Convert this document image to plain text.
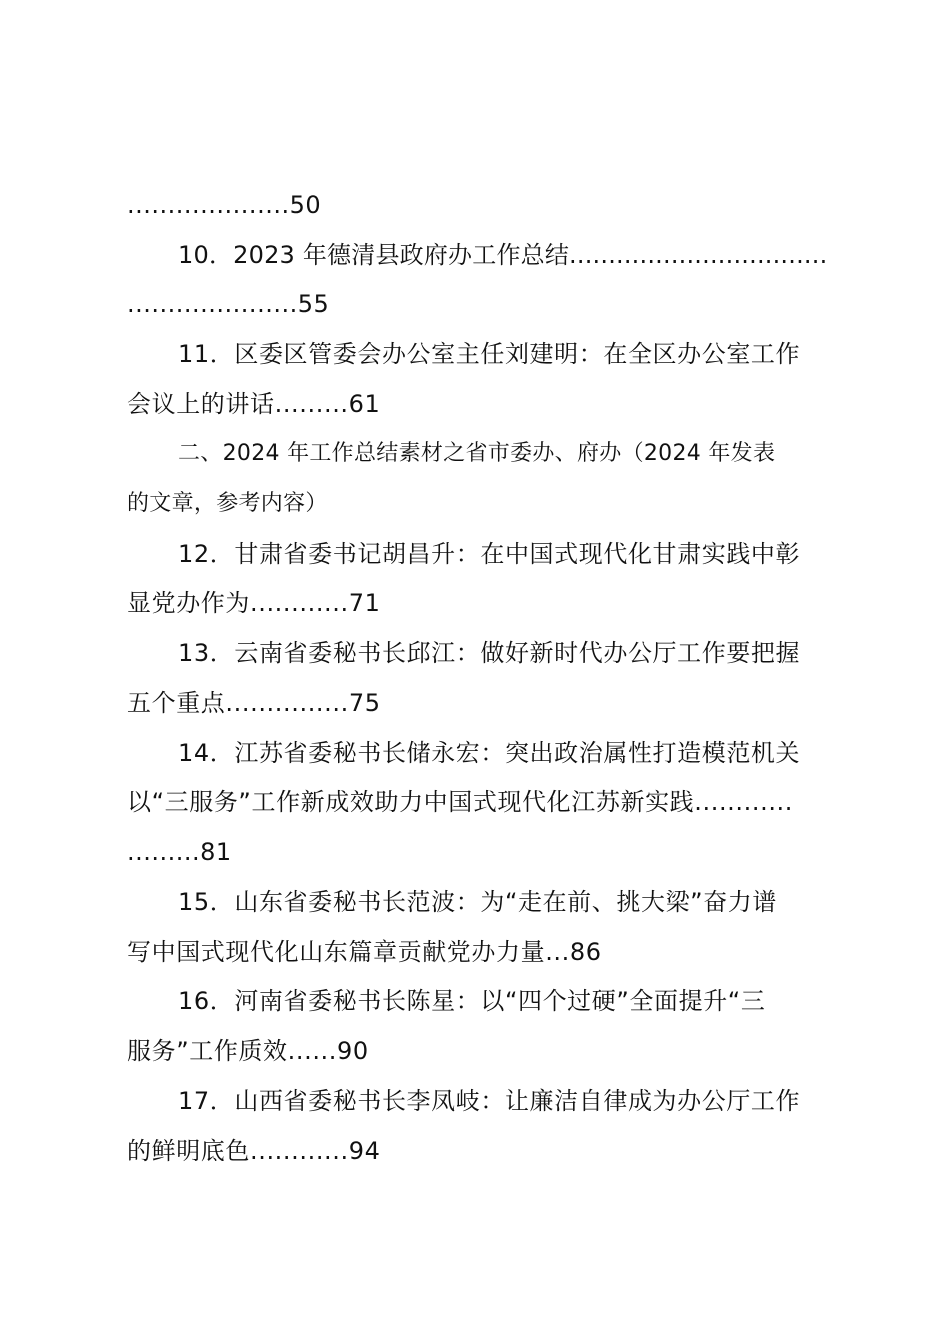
....................50
10．2023 年德清县政府办工作总结.................................
.....................55
11．区委区管委会办公室主任刘建明：在全区办公室工作
会议上的讲话.........61
二、2024 年工作总结素材之省市委办、府办（2024 年发表
的文章，参考内容）
12．甘肃省委书记胡昌升：在中国式现代化甘肃实践中彰
显党办作为............71
13．云南省委秘书长邱江：做好新时代办公厅工作要把握
五个重点...............75
14．江苏省委秘书长储永宏：突出政治属性打造模范机关
以“三服务”工作新成效助力中国式现代化江苏新实践............
.........81
15．山东省委秘书长范波：为“走在前、挑大梁”奋力谱
写中国式现代化山东篇章贡献党办力量...86
16．河南省委秘书长陈星：以“四个过硬”全面提升“三
服务”工作质效......90
17．山西省委秘书长李凤岐：让廉洁自律成为办公厅工作
的鲜明底色............94
